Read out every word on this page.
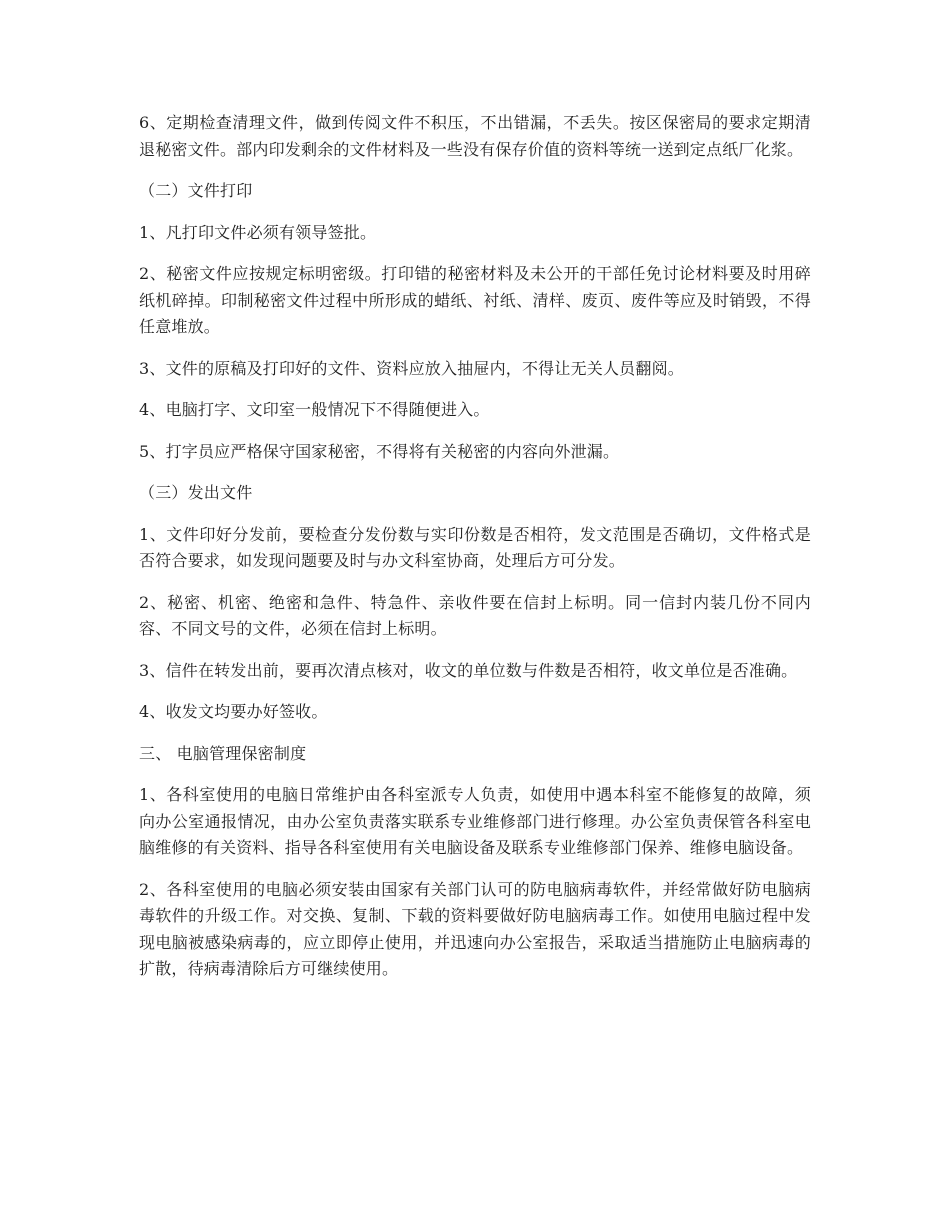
6、定期检查清理文件，做到传阅文件不积压，不出错漏，不丢失。按区保密局的要求定期清退秘密文件。部内印发剩余的文件材料及一些没有保存价值的资料等统一送到定点纸厂化浆。

（二）文件打印

1、凡打印文件必须有领导签批。

2、秘密文件应按规定标明密级。打印错的秘密材料及未公开的干部任免讨论材料要及时用碎纸机碎掉。印制秘密文件过程中所形成的蜡纸、衬纸、清样、废页、废件等应及时销毁，不得任意堆放。

3、文件的原稿及打印好的文件、资料应放入抽屉内，不得让无关人员翻阅。

4、电脑打字、文印室一般情况下不得随便进入。

5、打字员应严格保守国家秘密，不得将有关秘密的内容向外泄漏。

（三）发出文件

1、文件印好分发前，要检查分发份数与实印份数是否相符，发文范围是否确切，文件格式是否符合要求，如发现问题要及时与办文科室协商，处理后方可分发。

2、秘密、机密、绝密和急件、特急件、亲收件要在信封上标明。同一信封内装几份不同内容、不同文号的文件，必须在信封上标明。

3、信件在转发出前，要再次清点核对，收文的单位数与件数是否相符，收文单位是否准确。

4、收发文均要办好签收。

三、 电脑管理保密制度

1、各科室使用的电脑日常维护由各科室派专人负责，如使用中遇本科室不能修复的故障，须向办公室通报情况，由办公室负责落实联系专业维修部门进行修理。办公室负责保管各科室电脑维修的有关资料、指导各科室使用有关电脑设备及联系专业维修部门保养、维修电脑设备。

2、各科室使用的电脑必须安装由国家有关部门认可的防电脑病毒软件，并经常做好防电脑病毒软件的升级工作。对交换、复制、下载的资料要做好防电脑病毒工作。如使用电脑过程中发现电脑被感染病毒的，应立即停止使用，并迅速向办公室报告，采取适当措施防止电脑病毒的扩散，待病毒清除后方可继续使用。
